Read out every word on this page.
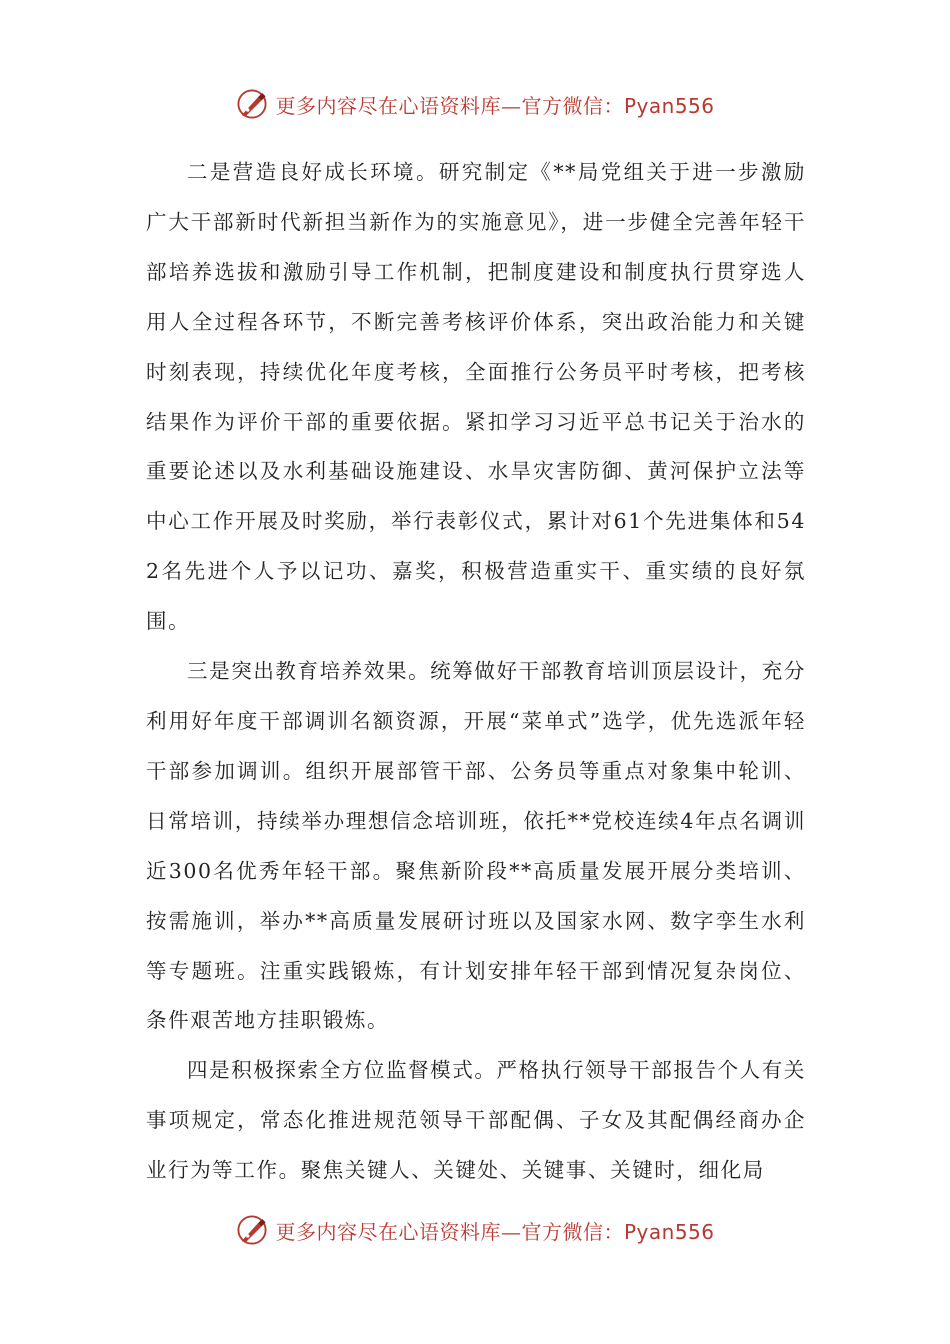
更多内容尽在心语资料库—官方微信：Pyan556

二是营造良好成长环境。研究制定《**局党组关于进一步激励广大干部新时代新担当新作为的实施意见》，进一步健全完善年轻干部培养选拔和激励引导工作机制，把制度建设和制度执行贯穿选人用人全过程各环节，不断完善考核评价体系，突出政治能力和关键时刻表现，持续优化年度考核，全面推行公务员平时考核，把考核结果作为评价干部的重要依据。紧扣学习习近平总书记关于治水的重要论述以及水利基础设施建设、水旱灾害防御、黄河保护立法等中心工作开展及时奖励，举行表彰仪式，累计对61个先进集体和542名先进个人予以记功、嘉奖，积极营造重实干、重实绩的良好氛围。

三是突出教育培养效果。统筹做好干部教育培训顶层设计，充分利用好年度干部调训名额资源，开展“菜单式”选学，优先选派年轻干部参加调训。组织开展部管干部、公务员等重点对象集中轮训、日常培训，持续举办理想信念培训班，依托**党校连续4年点名调训近300名优秀年轻干部。聚焦新阶段**高质量发展开展分类培训、按需施训，举办**高质量发展研讨班以及国家水网、数字孪生水利等专题班。注重实践锻炼，有计划安排年轻干部到情况复杂岗位、条件艰苦地方挂职锻炼。

四是积极探索全方位监督模式。严格执行领导干部报告个人有关事项规定，常态化推进规范领导干部配偶、子女及其配偶经商办企业行为等工作。聚焦关键人、关键处、关键事、关键时，细化局

更多内容尽在心语资料库—官方微信：Pyan556
